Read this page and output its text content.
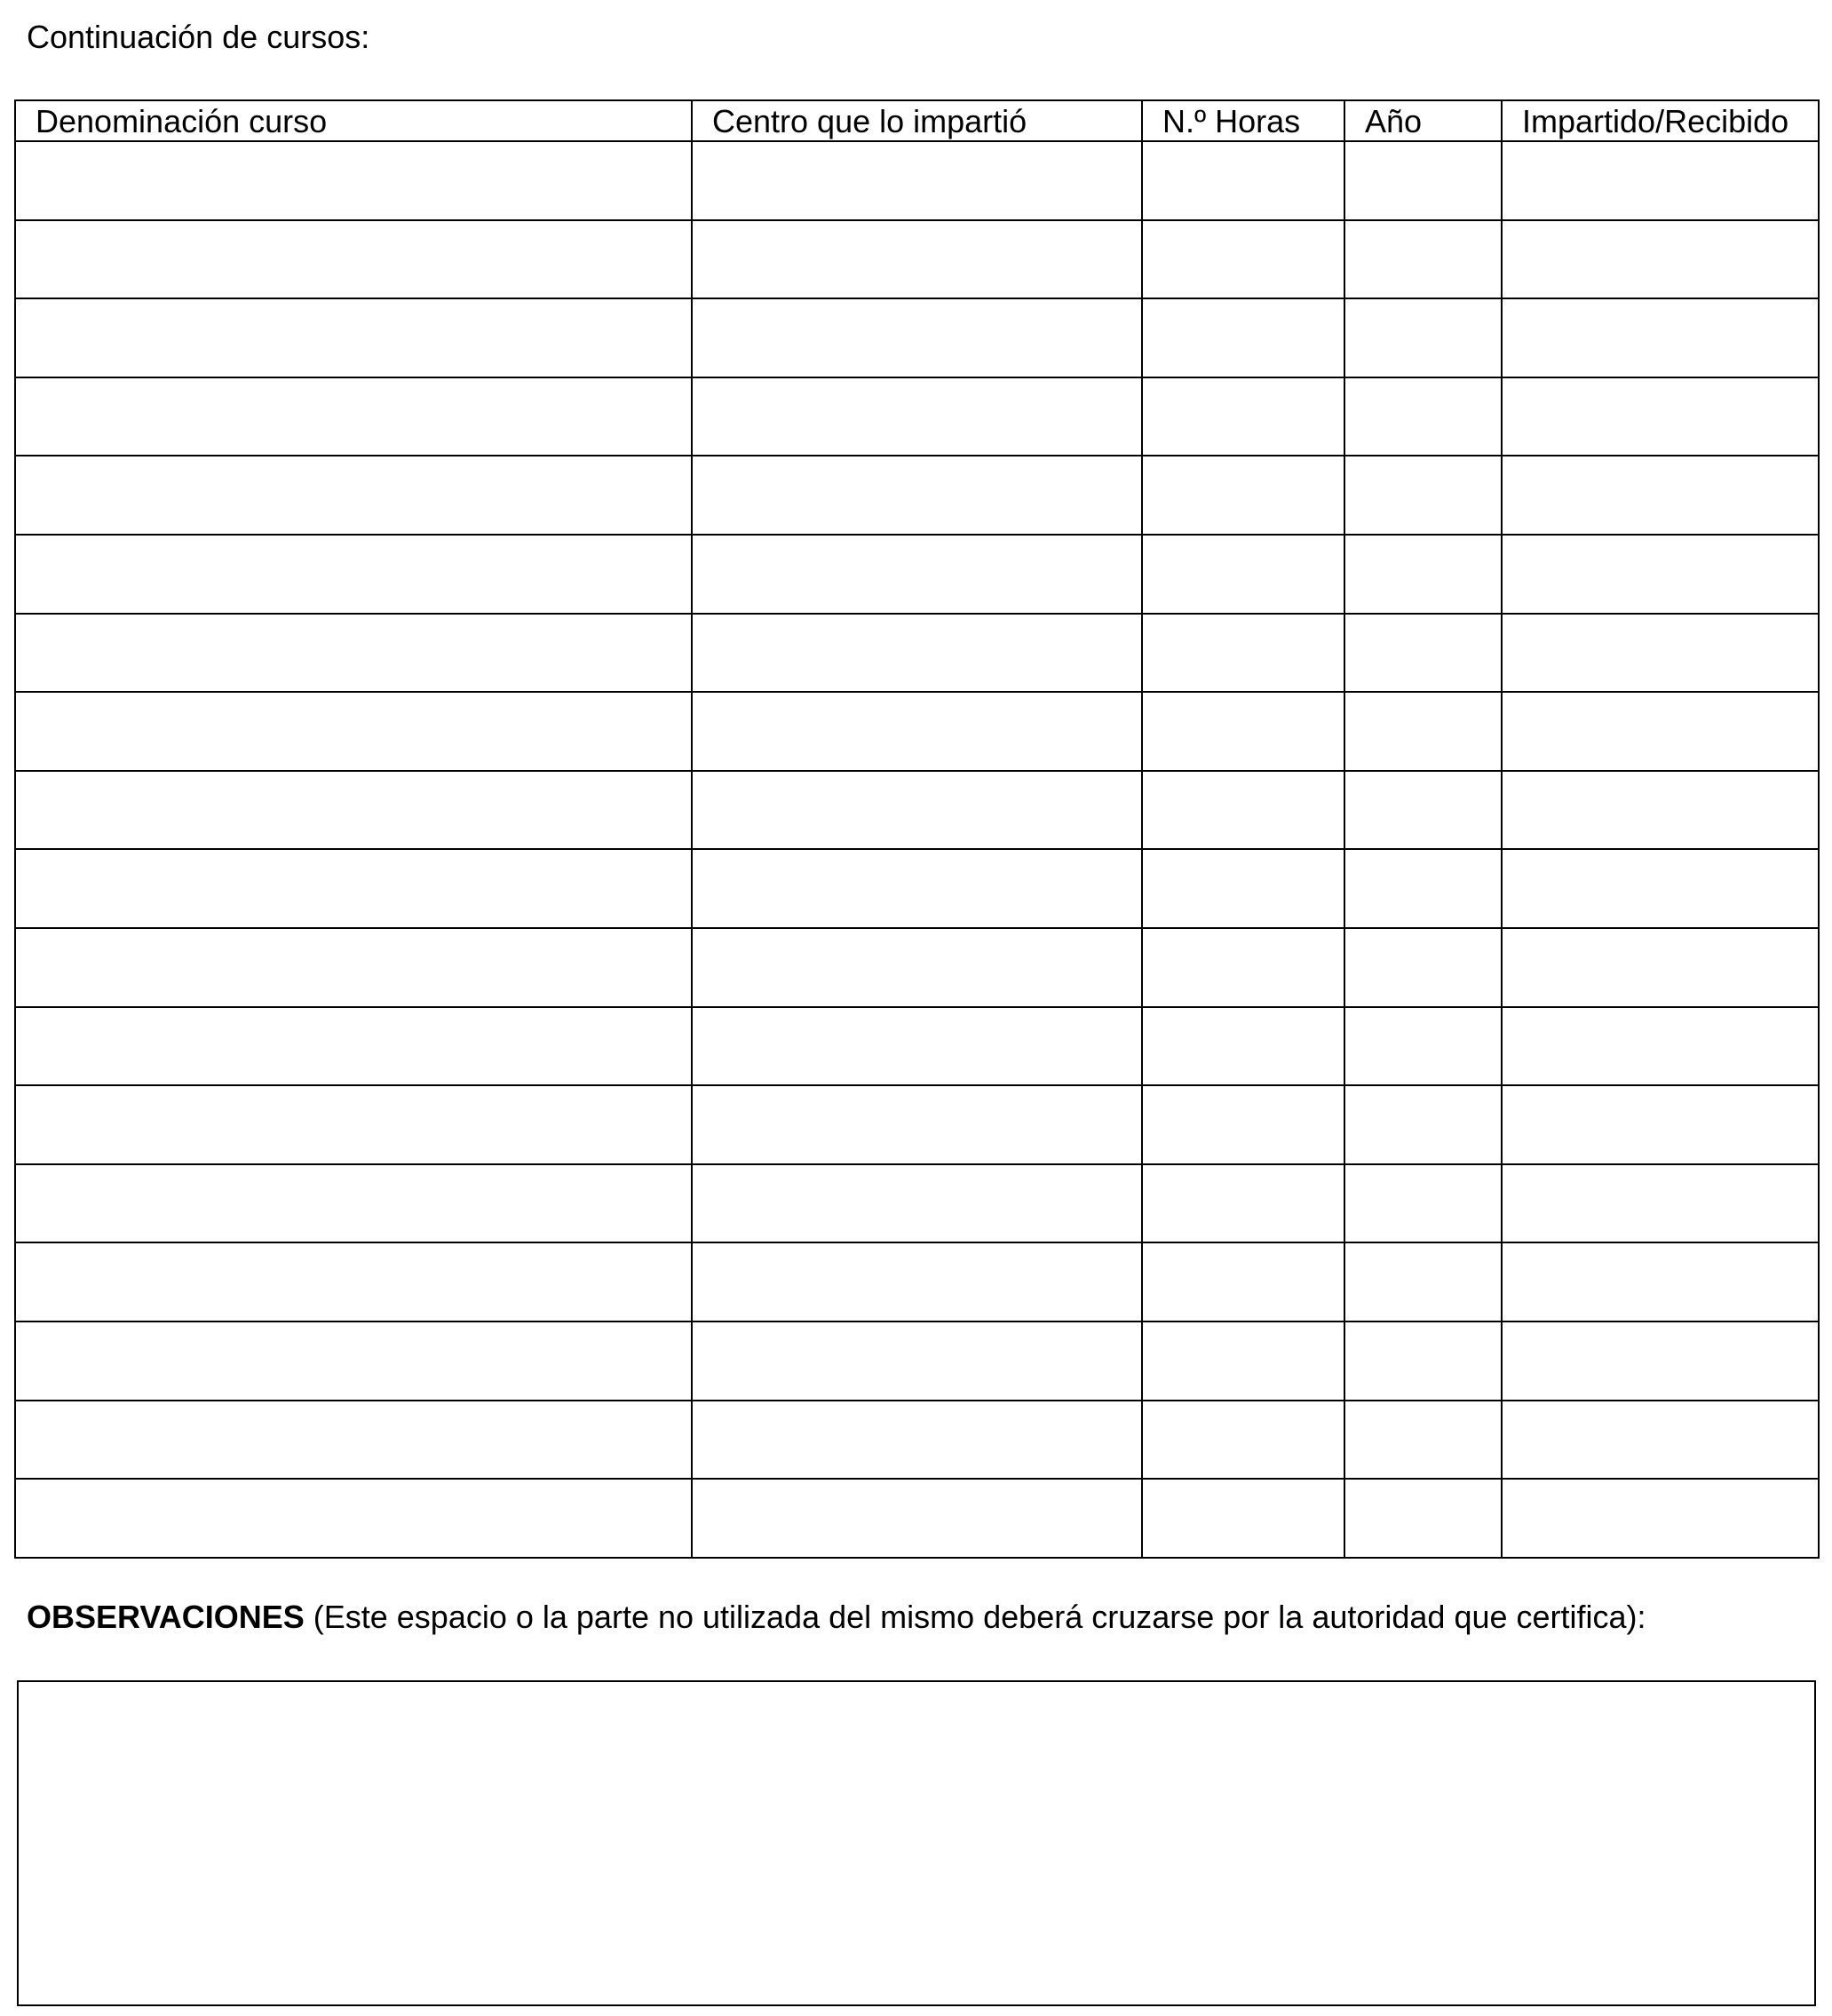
Continuación de cursos:
Denominación curso	Centro que lo impartió	N.º Horas	Año	Impartido/Recibido

OBSERVACIONES (Este espacio o la parte no utilizada del mismo deberá cruzarse por la autoridad que certifica):
